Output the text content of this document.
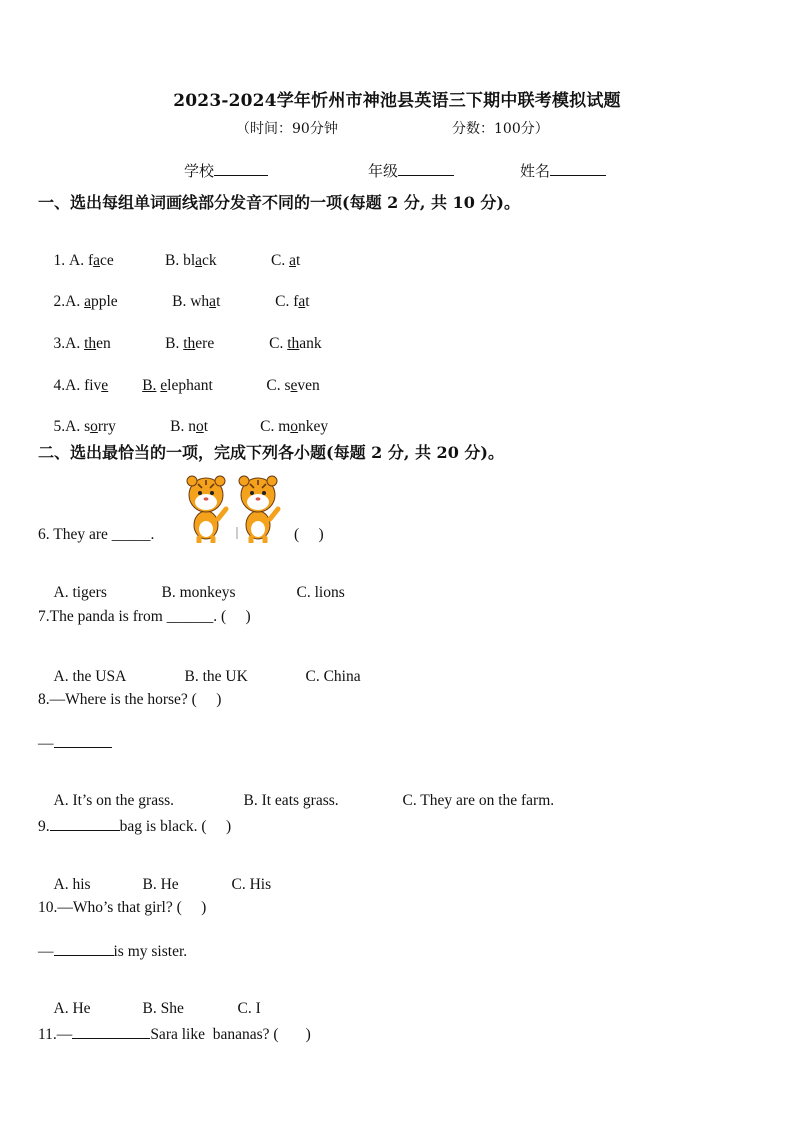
2023-2024学年忻州市神池县英语三下期中联考模拟试题
（时间：90分钟	分数：100分）
学校	年级	姓名
一、选出每组单词画线部分发音不同的一项(每题 2 分, 共 10 分)。

1. A. face	B. black	C. at

2.A. apple	B. what	C. fat

3.A. then	B. there	C. thank

4.A. five B. elephant	C. seven

5.A. sorry	B. not	C. monkey

二、选出最恰当的一项，完成下列各小题(每题 2 分, 共 20 分)。
6. They are _____.	(     )

A. tigers	B. monkeys	C. lions

7.The panda is from ______. (     )

A. the USA	B. the UK	C. China

8.—Where is the horse? (     )
—

A. It’s on the grass.	B. It eats grass.	C. They are on the farm.

9.	bag is black. (     )

A. his	B. He	C. His

10.—Who’s that girl? (     )
—	is my sister.

A. He	B. She	C. I

11.—	Sara like  bananas? (       )
